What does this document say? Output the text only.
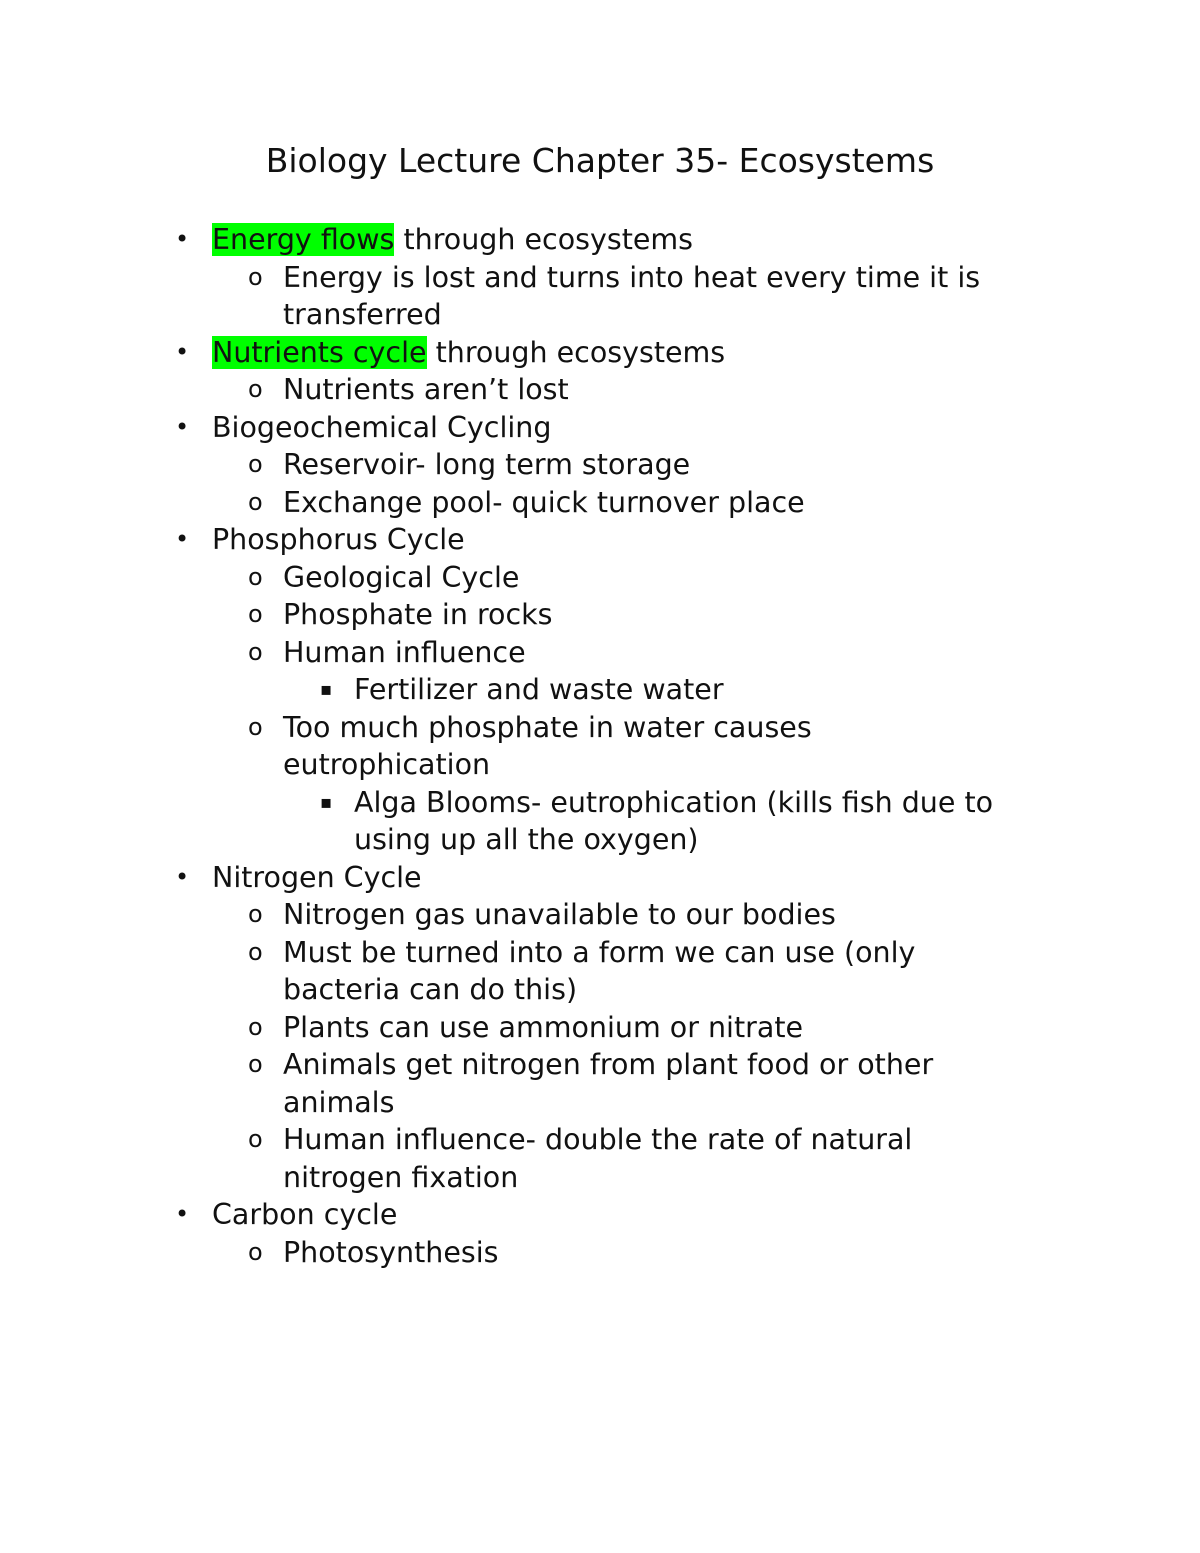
Biology Lecture Chapter 35- Ecosystems
• Energy flows through ecosystems
o Energy is lost and turns into heat every time it is
transferred
• Nutrients cycle through ecosystems
o Nutrients aren’t lost
• Biogeochemical Cycling
o Reservoir- long term storage
o Exchange pool- quick turnover place
• Phosphorus Cycle
o Geological Cycle
o Phosphate in rocks
o Human influence
▪ Fertilizer and waste water
o Too much phosphate in water causes
eutrophication
▪ Alga Blooms- eutrophication (kills fish due to
using up all the oxygen)
• Nitrogen Cycle
o Nitrogen gas unavailable to our bodies
o Must be turned into a form we can use (only
bacteria can do this)
o Plants can use ammonium or nitrate
o Animals get nitrogen from plant food or other
animals
o Human influence- double the rate of natural
nitrogen fixation
• Carbon cycle
o Photosynthesis
